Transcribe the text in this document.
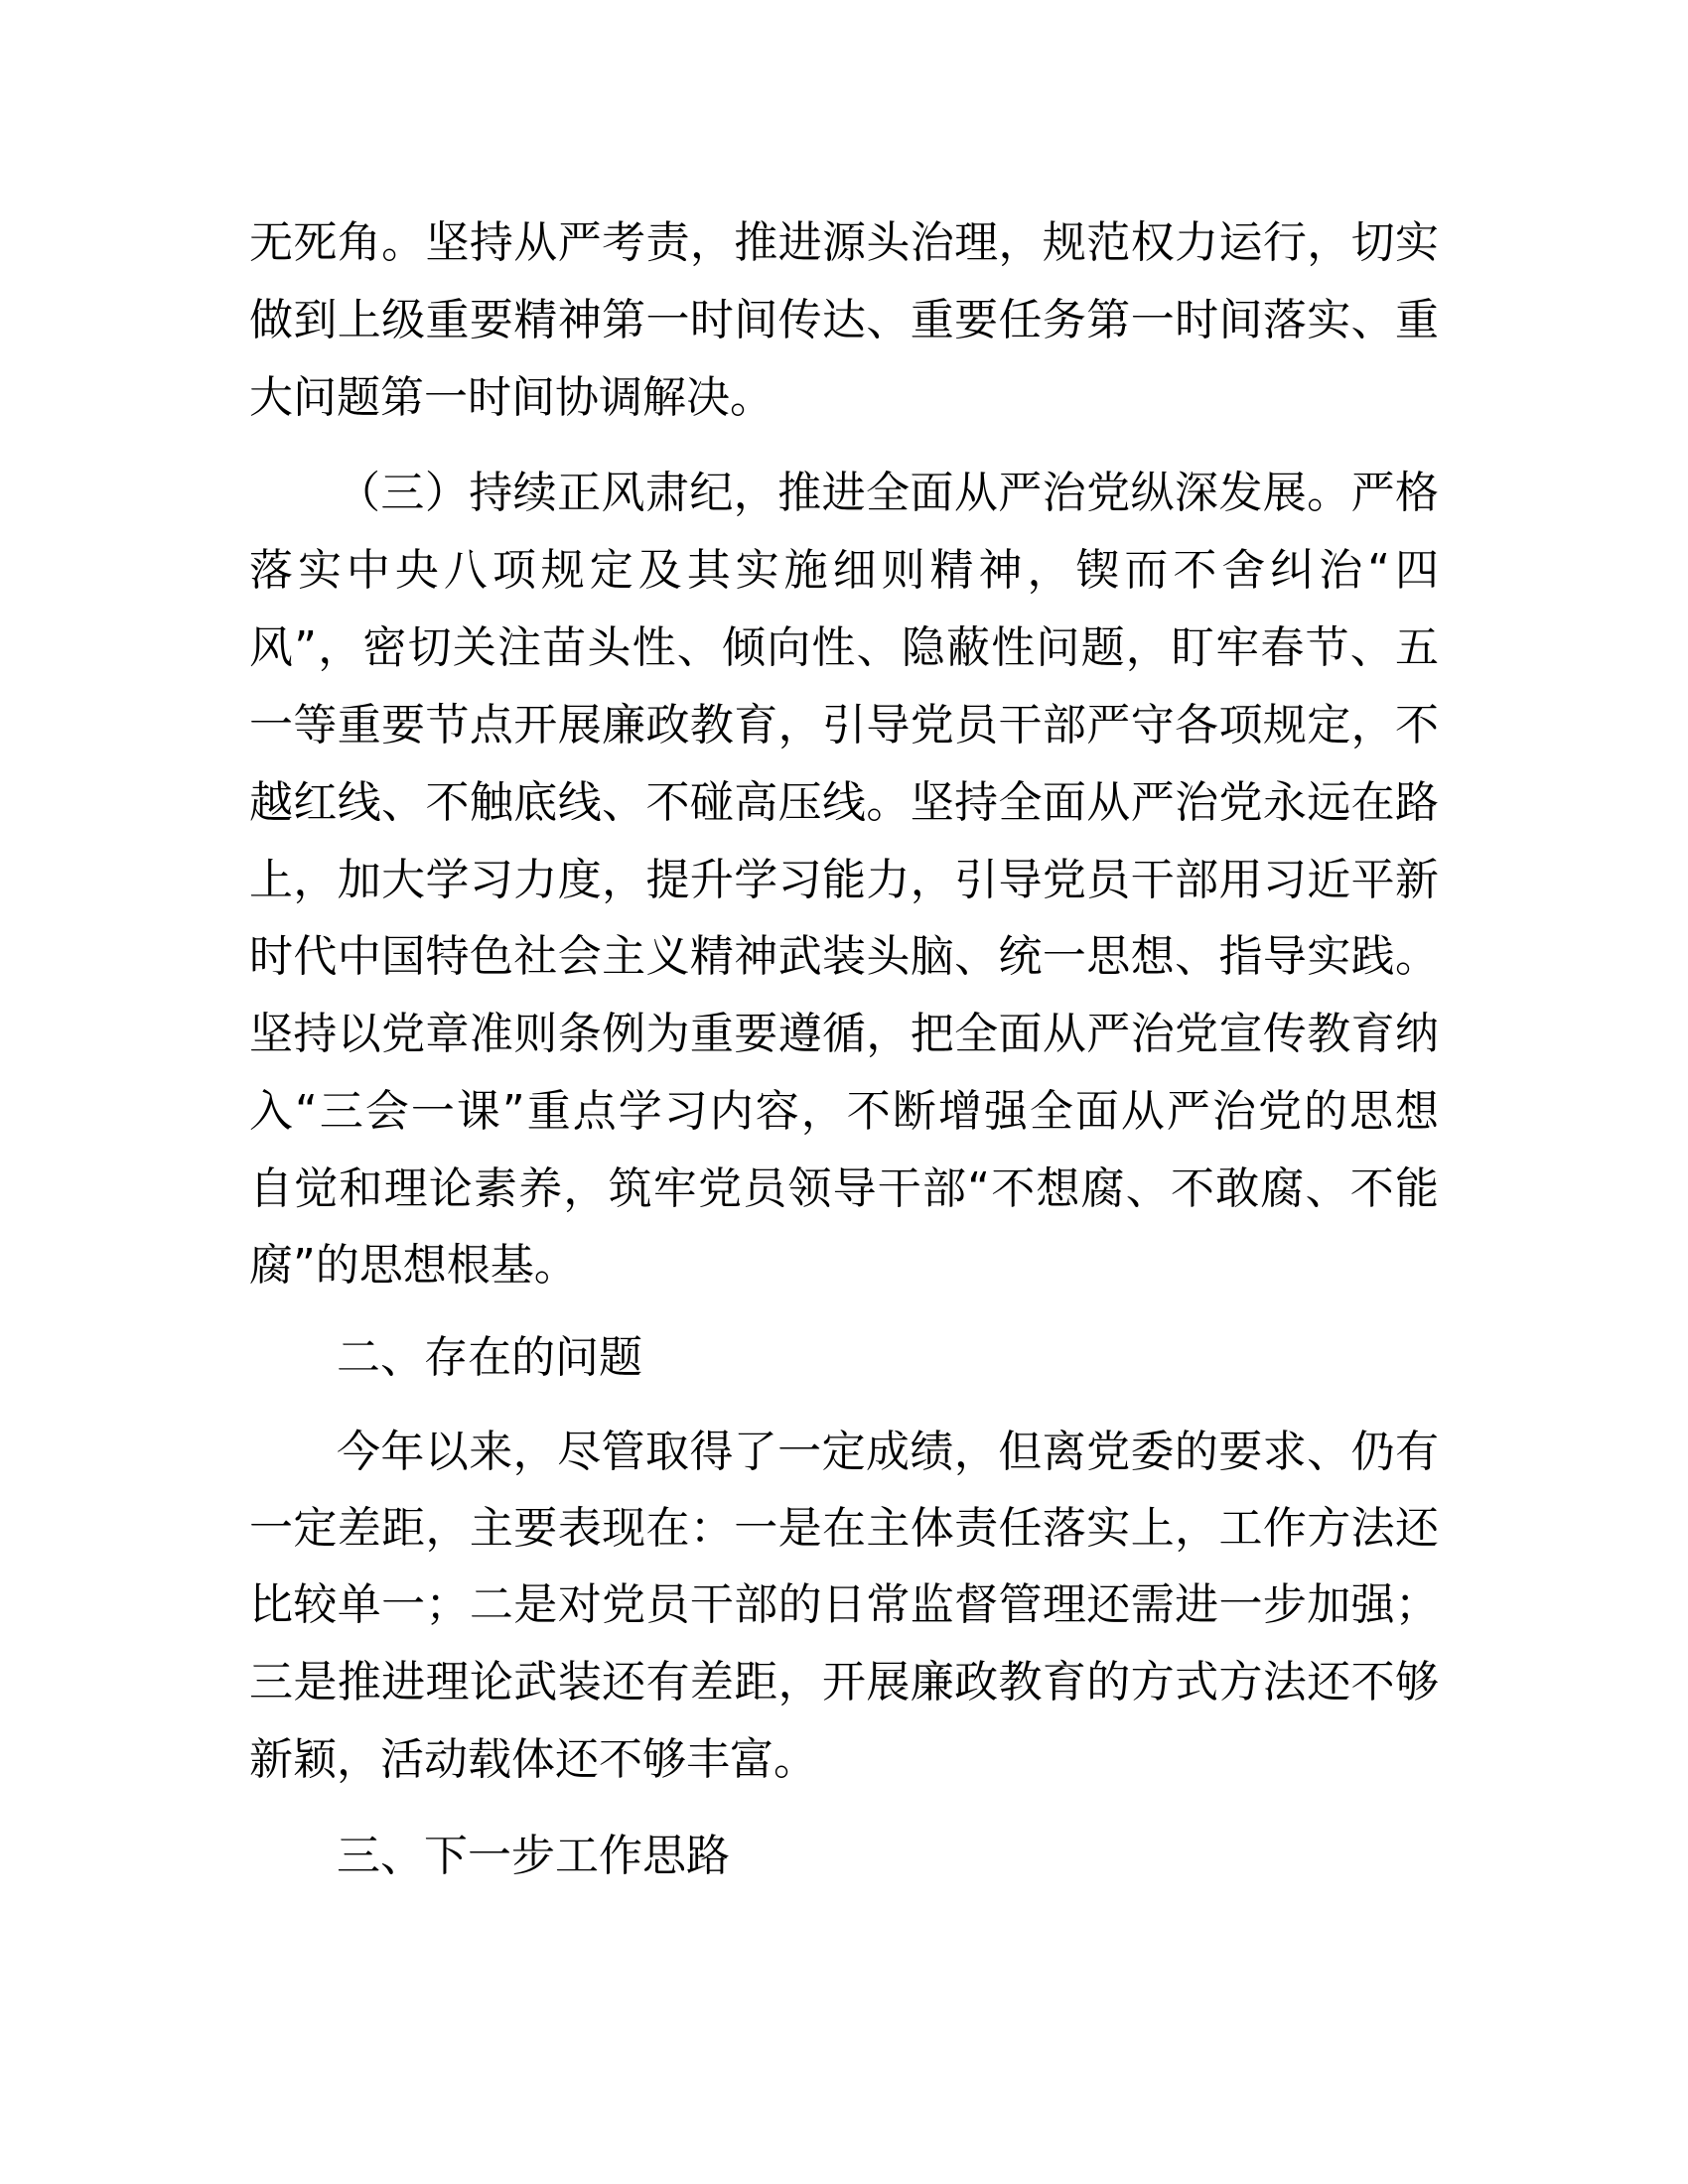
无死角。坚持从严考责，推进源头治理，规范权力运行，切实
做到上级重要精神第一时间传达、重要任务第一时间落实、重
大问题第一时间协调解决。
（三）持续正风肃纪，推进全面从严治党纵深发展。严格
落实中央八项规定及其实施细则精神，锲而不舍纠治“四
风”，密切关注苗头性、倾向性、隐蔽性问题，盯牢春节、五
一等重要节点开展廉政教育，引导党员干部严守各项规定，不
越红线、不触底线、不碰高压线。坚持全面从严治党永远在路
上，加大学习力度，提升学习能力，引导党员干部用习近平新
时代中国特色社会主义精神武装头脑、统一思想、指导实践。
坚持以党章准则条例为重要遵循，把全面从严治党宣传教育纳
入“三会一课”重点学习内容，不断增强全面从严治党的思想
自觉和理论素养，筑牢党员领导干部“不想腐、不敢腐、不能
腐”的思想根基。
二、存在的问题
今年以来，尽管取得了一定成绩，但离党委的要求、仍有
一定差距，主要表现在：一是在主体责任落实上，工作方法还
比较单一；二是对党员干部的日常监督管理还需进一步加强；
三是推进理论武装还有差距，开展廉政教育的方式方法还不够
新颖，活动载体还不够丰富。
三、下一步工作思路
